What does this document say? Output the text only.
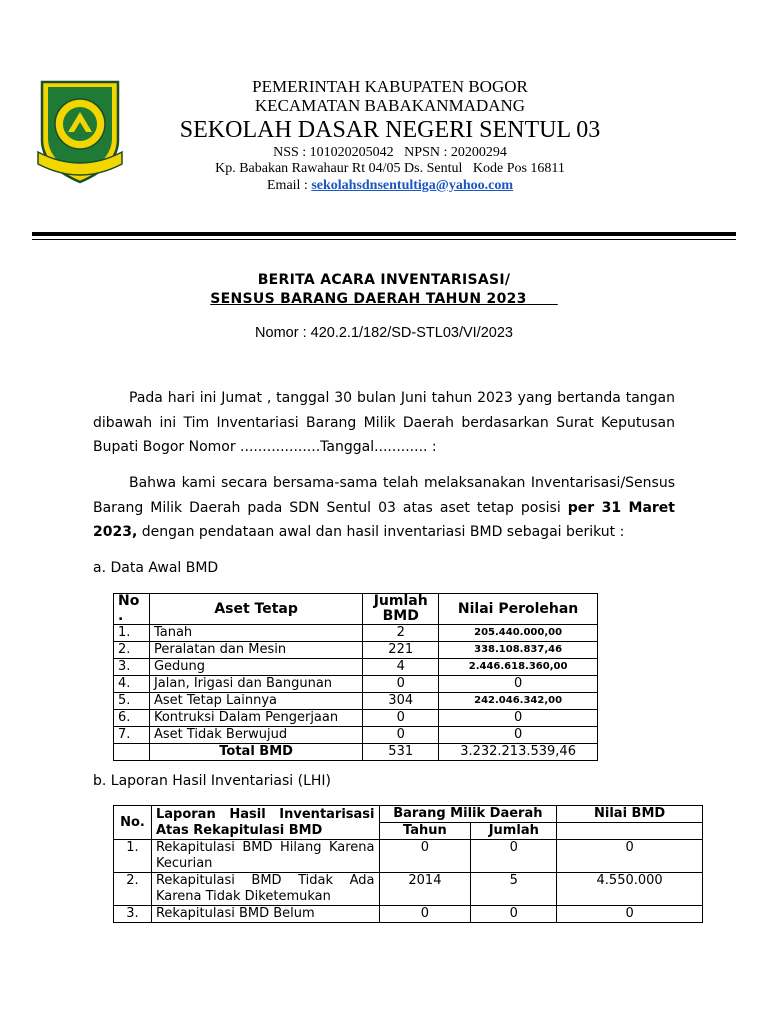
PEMERINTAH KABUPATEN BOGOR
KECAMATAN BABAKANMADANG
SEKOLAH DASAR NEGERI SENTUL 03
NSS : 101020205042   NPSN : 20200294
Kp. Babakan Rawahaur Rt 04/05 Ds. Sentul   Kode Pos 16811
Email : sekolahsdnsentultiga@yahoo.com
BERITA ACARA INVENTARISASI/
SENSUS BARANG DAERAH TAHUN 2023
Nomor : 420.2.1/182/SD-STL03/VI/2023
Pada hari ini Jumat , tanggal 30 bulan Juni tahun 2023 yang bertanda tangan dibawah ini Tim Inventariasi Barang Milik Daerah berdasarkan Surat Keputusan Bupati Bogor Nomor ..................Tanggal............ :
Bahwa kami secara bersama-sama telah melaksanakan Inventarisasi/Sensus Barang Milik Daerah pada SDN Sentul 03 atas aset tetap posisi per 31 Maret 2023, dengan pendataan awal dan hasil inventariasi BMD sebagai berikut :
a. Data Awal BMD
No .	Aset Tetap	Jumlah BMD	Nilai Perolehan
1.	Tanah	2	205.440.000,00
2.	Peralatan dan Mesin	221	338.108.837,46
3.	Gedung	4	2.446.618.360,00
4.	Jalan, Irigasi dan Bangunan	0	0
5.	Aset Tetap Lainnya	304	242.046.342,00
6.	Kontruksi Dalam Pengerjaan	0	0
7.	Aset Tidak Berwujud	0	0
	Total BMD	531	3.232.213.539,46
b. Laporan Hasil Inventariasi (LHI)
No.	Laporan Hasil Inventarisasi Atas Rekapitulasi BMD	Barang Milik Daerah		Nilai BMD
		Tahun	Jumlah	
1.	Rekapitulasi BMD Hilang Karena Kecurian	0	0	0
2.	Rekapitulasi BMD Tidak Ada Karena Tidak Diketemukan	2014	5	4.550.000
3.	Rekapitulasi BMD Belum	0	0	0
